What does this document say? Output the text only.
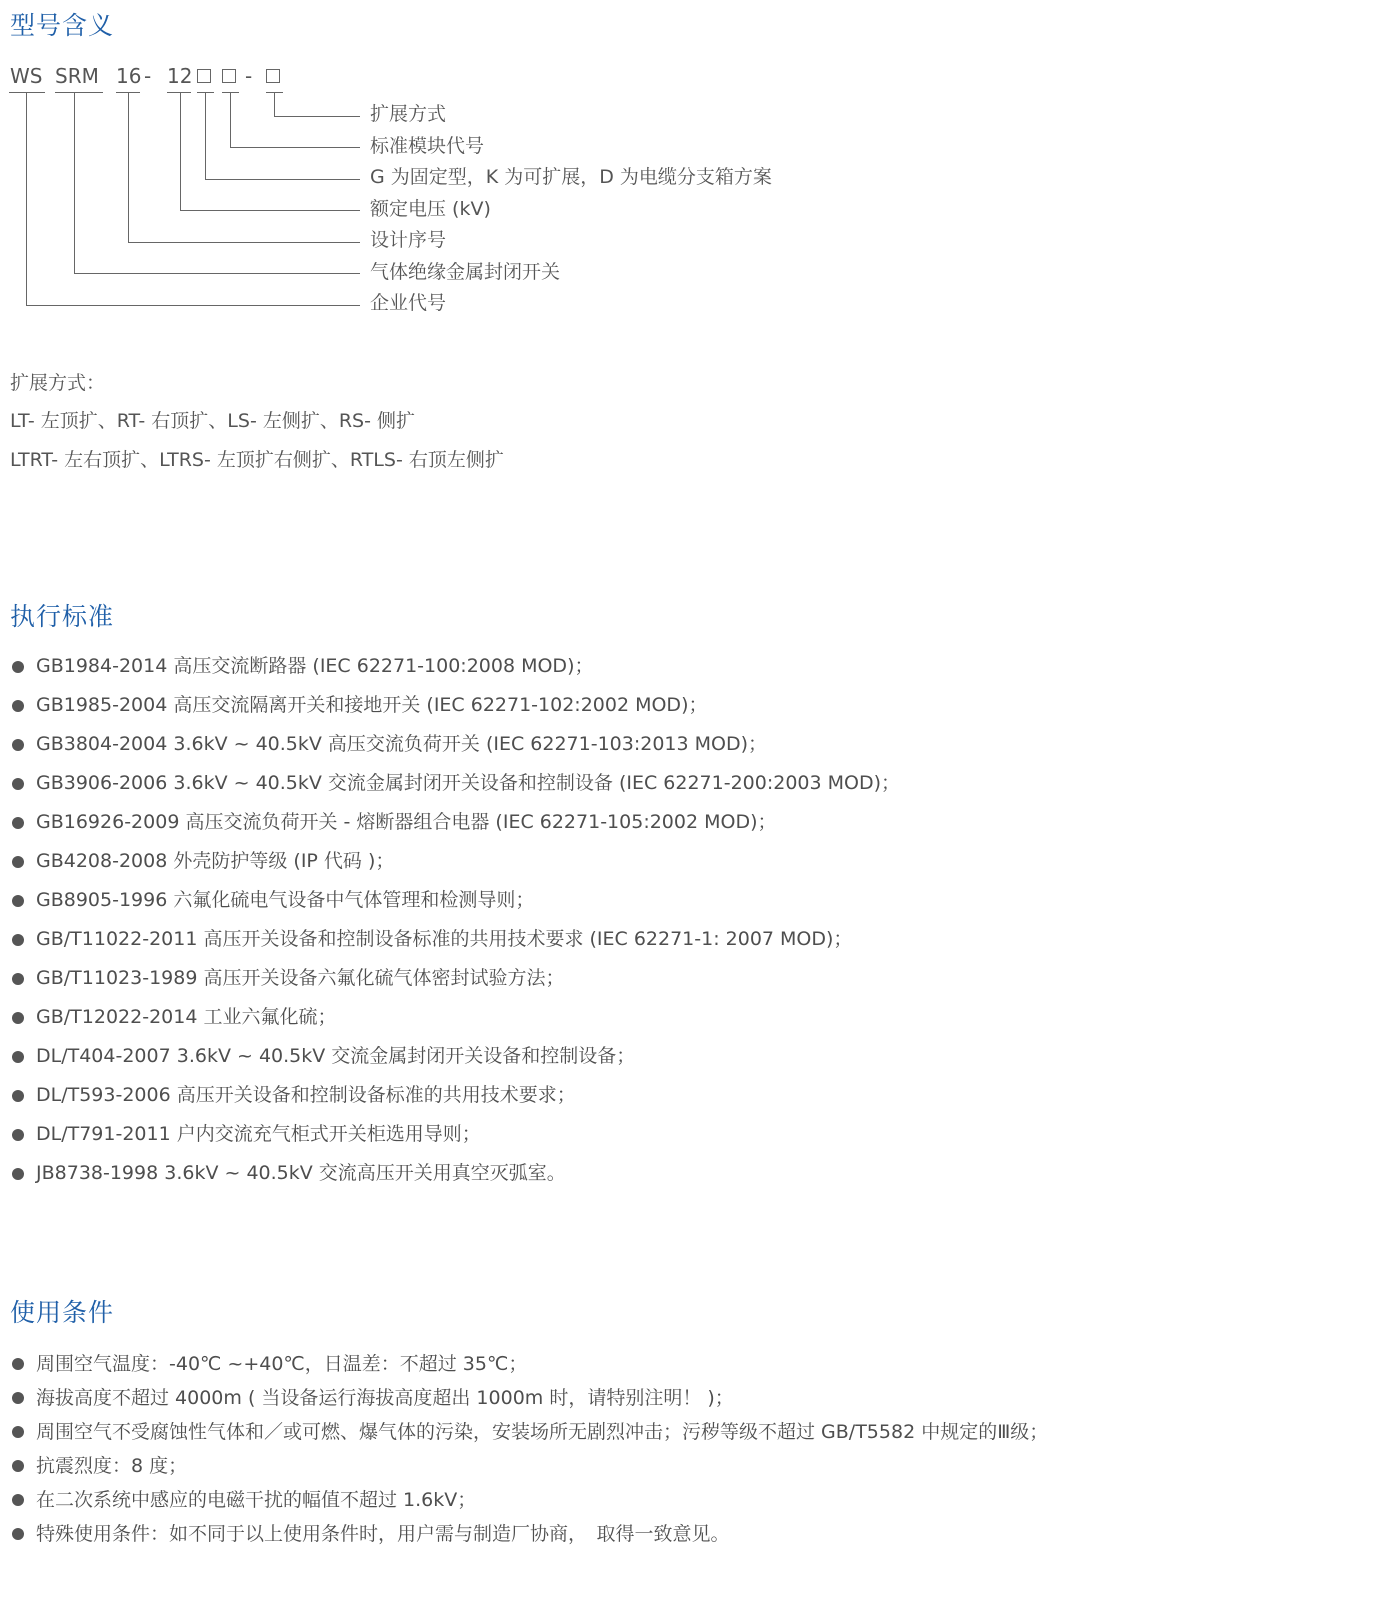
型号含义
WS SRM 16 - 12	-
扩展方式
标准模块代号
G 为固定型，K 为可扩展，D 为电缆分支箱方案
额定电压 (kV)
设计序号
气体绝缘金属封闭开关
企业代号
扩展方式：
LT- 左顶扩、RT- 右顶扩、LS- 左侧扩、RS- 侧扩
LTRT- 左右顶扩、LTRS- 左顶扩右侧扩、RTLS- 右顶左侧扩
执行标准
GB1984-2014 高压交流断路器 (IEC 62271-100:2008 MOD)；
GB1985-2004 高压交流隔离开关和接地开关 (IEC 62271-102:2002 MOD)；
GB3804-2004 3.6kV ~ 40.5kV 高压交流负荷开关 (IEC 62271-103:2013 MOD)；
GB3906-2006 3.6kV ~ 40.5kV 交流金属封闭开关设备和控制设备 (IEC 62271-200:2003 MOD)；
GB16926-2009 高压交流负荷开关 - 熔断器组合电器 (IEC 62271-105:2002 MOD)；
GB4208-2008 外壳防护等级 (IP 代码 )；
GB8905-1996 六氟化硫电气设备中气体管理和检测导则；
GB/T11022-2011 高压开关设备和控制设备标准的共用技术要求 (IEC 62271-1: 2007 MOD)；
GB/T11023-1989 高压开关设备六氟化硫气体密封试验方法；
GB/T12022-2014 工业六氟化硫；
DL/T404-2007 3.6kV ~ 40.5kV 交流金属封闭开关设备和控制设备；
DL/T593-2006 高压开关设备和控制设备标准的共用技术要求；
DL/T791-2011 户内交流充气柜式开关柜选用导则；
JB8738-1998 3.6kV ~ 40.5kV 交流高压开关用真空灭弧室。
使用条件
周围空气温度：-40℃ ~+40℃，日温差：不超过 35℃；
海拔高度不超过 4000m ( 当设备运行海拔高度超出 1000m 时，请特别注明！ )；
周围空气不受腐蚀性气体和／或可燃、爆气体的污染，安装场所无剧烈冲击；污秽等级不超过 GB/T5582 中规定的Ⅲ级；
抗震烈度：8 度；
在二次系统中感应的电磁干扰的幅值不超过 1.6kV；
特殊使用条件：如不同于以上使用条件时，用户需与制造厂协商，　取得一致意见。
